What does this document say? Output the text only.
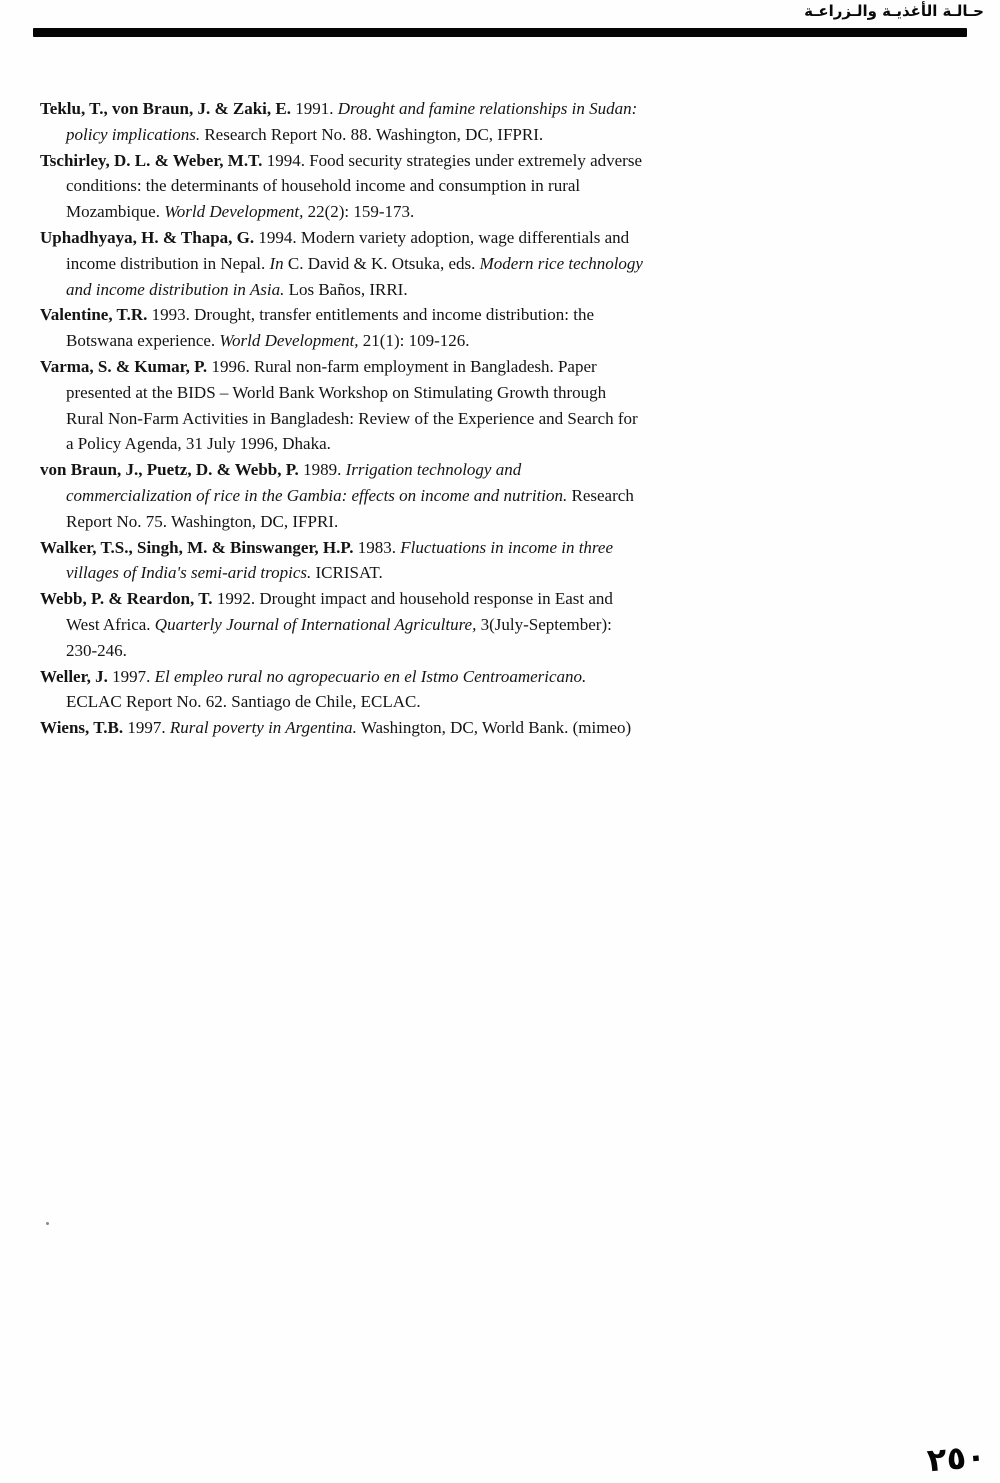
حـالـة الأغذيـة والـزراعـة
Teklu, T., von Braun, J. & Zaki, E. 1991. Drought and famine relationships in Sudan: policy implications. Research Report No. 88. Washington, DC, IFPRI.
Tschirley, D. L. & Weber, M.T. 1994. Food security strategies under extremely adverse conditions: the determinants of household income and consumption in rural Mozambique. World Development, 22(2): 159-173.
Uphadhyaya, H. & Thapa, G. 1994. Modern variety adoption, wage differentials and income distribution in Nepal. In C. David & K. Otsuka, eds. Modern rice technology and income distribution in Asia. Los Baños, IRRI.
Valentine, T.R. 1993. Drought, transfer entitlements and income distribution: the Botswana experience. World Development, 21(1): 109-126.
Varma, S. & Kumar, P. 1996. Rural non-farm employment in Bangladesh. Paper presented at the BIDS – World Bank Workshop on Stimulating Growth through Rural Non-Farm Activities in Bangladesh: Review of the Experience and Search for a Policy Agenda, 31 July 1996, Dhaka.
von Braun, J., Puetz, D. & Webb, P. 1989. Irrigation technology and commercialization of rice in the Gambia: effects on income and nutrition. Research Report No. 75. Washington, DC, IFPRI.
Walker, T.S., Singh, M. & Binswanger, H.P. 1983. Fluctuations in income in three villages of India's semi-arid tropics. ICRISAT.
Webb, P. & Reardon, T. 1992. Drought impact and household response in East and West Africa. Quarterly Journal of International Agriculture, 3(July-September): 230-246.
Weller, J. 1997. El empleo rural no agropecuario en el Istmo Centroamericano. ECLAC Report No. 62. Santiago de Chile, ECLAC.
Wiens, T.B. 1997. Rural poverty in Argentina. Washington, DC, World Bank. (mimeo)
٢٥٠
